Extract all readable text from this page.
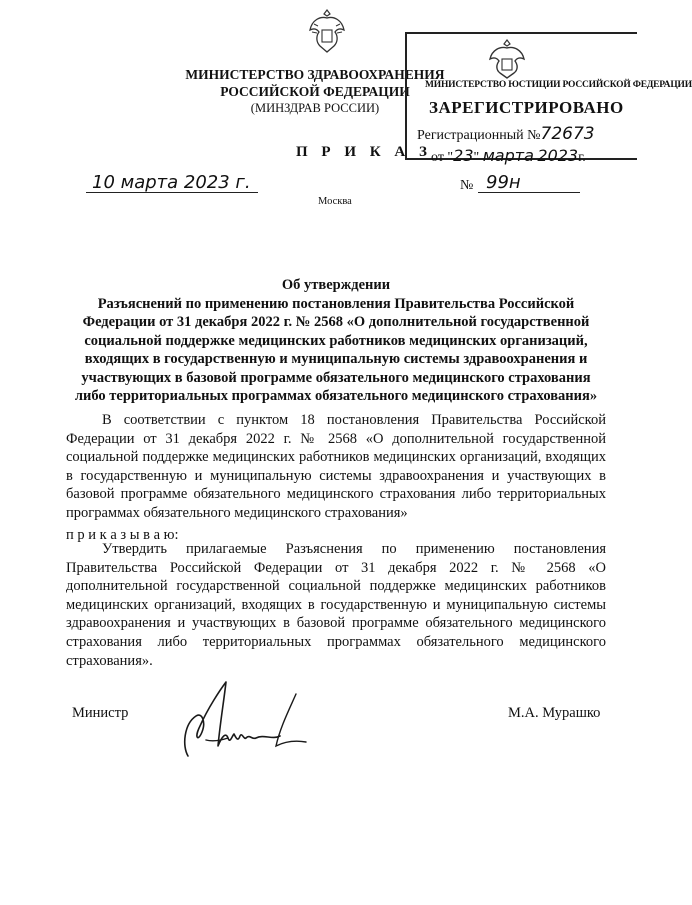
МИНИСТЕРСТВО ЗДРАВООХРАНЕНИЯ
РОССИЙСКОЙ ФЕДЕРАЦИИ
(МИНЗДРАВ РОССИИ)
МИНИСТЕРСТВО ЮСТИЦИИ РОССИЙСКОЙ ФЕДЕРАЦИИ
ЗАРЕГИСТРИРОВАНО
Регистрационный №72673
от "23" марта 2023г.
П Р И К А З
10 марта 2023 г.	№ 99н
Москва
Об утверждении
Разъяснений по применению постановления Правительства Российской
Федерации от 31 декабря 2022 г. № 2568 «О дополнительной государственной
социальной поддержке медицинских работников медицинских организаций,
входящих в государственную и муниципальную системы здравоохранения и
участвующих в базовой программе обязательного медицинского страхования
либо территориальных программах обязательного медицинского страхования»
В соответствии с пунктом 18 постановления Правительства Российской Федерации от 31 декабря 2022 г. № 2568 «О дополнительной государственной социальной поддержке медицинских работников медицинских организаций, входящих в государственную и муниципальную системы здравоохранения и участвующих в базовой программе обязательного медицинского страхования либо территориальных программах обязательного медицинского страхования»
п р и к а з ы в а ю:
Утвердить прилагаемые Разъяснения по применению постановления Правительства Российской Федерации от 31 декабря 2022 г. № 2568 «О дополнительной государственной социальной поддержке медицинских работников медицинских организаций, входящих в государственную и муниципальную системы здравоохранения и участвующих в базовой программе обязательного медицинского страхования либо территориальных программах обязательного медицинского страхования».
Министр	М.А. Мурашко
